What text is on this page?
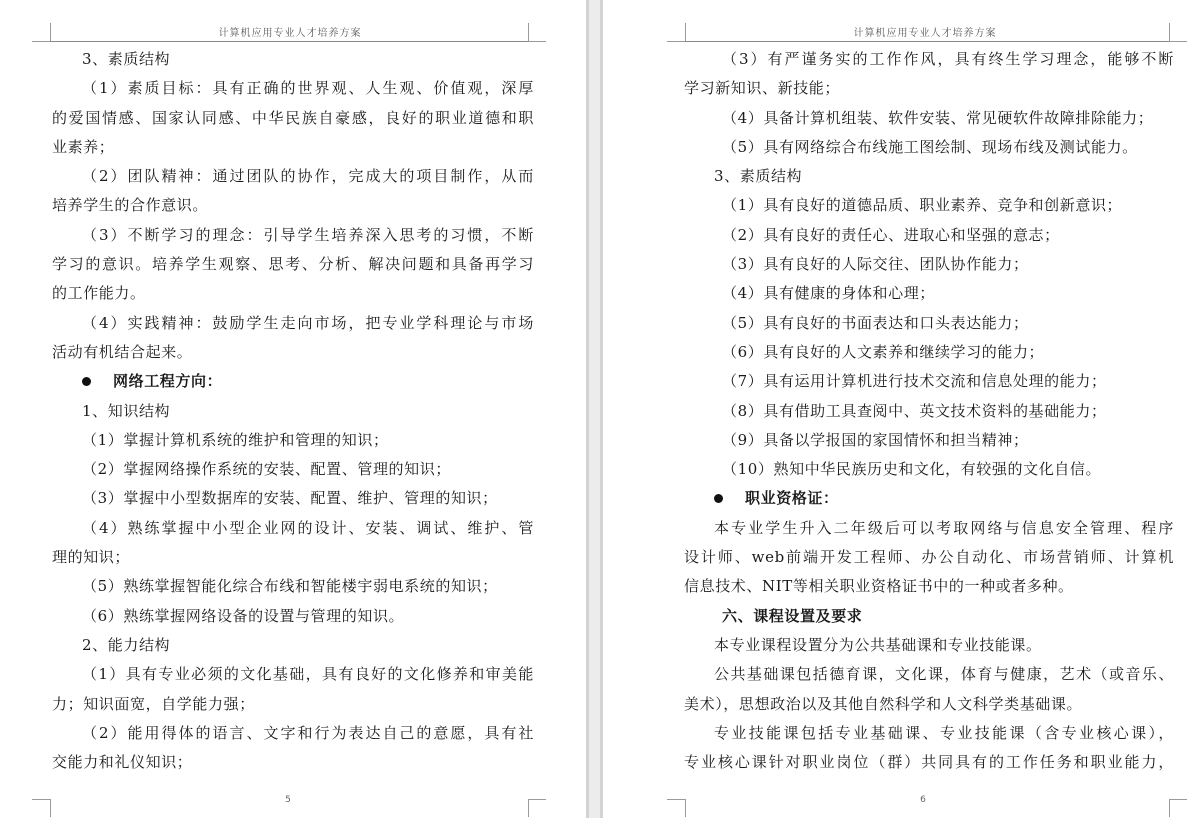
计算机应用专业人才培养方案
3、素质结构
（1）素质目标：具有正确的世界观、人生观、价值观，深厚
的爱国情感、国家认同感、中华民族自豪感，良好的职业道德和职
业素养；
（2）团队精神：通过团队的协作，完成大的项目制作，从而
培养学生的合作意识。
（3）不断学习的理念：引导学生培养深入思考的习惯，不断
学习的意识。培养学生观察、思考、分析、解决问题和具备再学习
的工作能力。
（4）实践精神：鼓励学生走向市场，把专业学科理论与市场
活动有机结合起来。
网络工程方向：
1、知识结构
（1）掌握计算机系统的维护和管理的知识；
（2）掌握网络操作系统的安装、配置、管理的知识；
（3）掌握中小型数据库的安装、配置、维护、管理的知识；
（4）熟练掌握中小型企业网的设计、安装、调试、维护、管
理的知识；
（5）熟练掌握智能化综合布线和智能楼宇弱电系统的知识；
（6）熟练掌握网络设备的设置与管理的知识。
2、能力结构
（1）具有专业必须的文化基础，具有良好的文化修养和审美能
力；知识面宽，自学能力强；
（2）能用得体的语言、文字和行为表达自己的意愿，具有社
交能力和礼仪知识；
5
计算机应用专业人才培养方案
（3）有严谨务实的工作作风，具有终生学习理念，能够不断
学习新知识、新技能；
（4）具备计算机组装、软件安装、常见硬软件故障排除能力；
（5）具有网络综合布线施工图绘制、现场布线及测试能力。
3、素质结构
（1）具有良好的道德品质、职业素养、竞争和创新意识；
（2）具有良好的责任心、进取心和坚强的意志；
（3）具有良好的人际交往、团队协作能力；
（4）具有健康的身体和心理；
（5）具有良好的书面表达和口头表达能力；
（6）具有良好的人文素养和继续学习的能力；
（7）具有运用计算机进行技术交流和信息处理的能力；
（8）具有借助工具查阅中、英文技术资料的基础能力；
（9）具备以学报国的家国情怀和担当精神；
（10）熟知中华民族历史和文化，有较强的文化自信。
职业资格证：
本专业学生升入二年级后可以考取网络与信息安全管理、程序
设计师、web前端开发工程师、办公自动化、市场营销师、计算机
信息技术、NIT等相关职业资格证书中的一种或者多种。
六、课程设置及要求
本专业课程设置分为公共基础课和专业技能课。
公共基础课包括德育课，文化课，体育与健康，艺术（或音乐、
美术），思想政治以及其他自然科学和人文科学类基础课。
专业技能课包括专业基础课、专业技能课（含专业核心课），
专业核心课针对职业岗位（群）共同具有的工作任务和职业能力，
6
